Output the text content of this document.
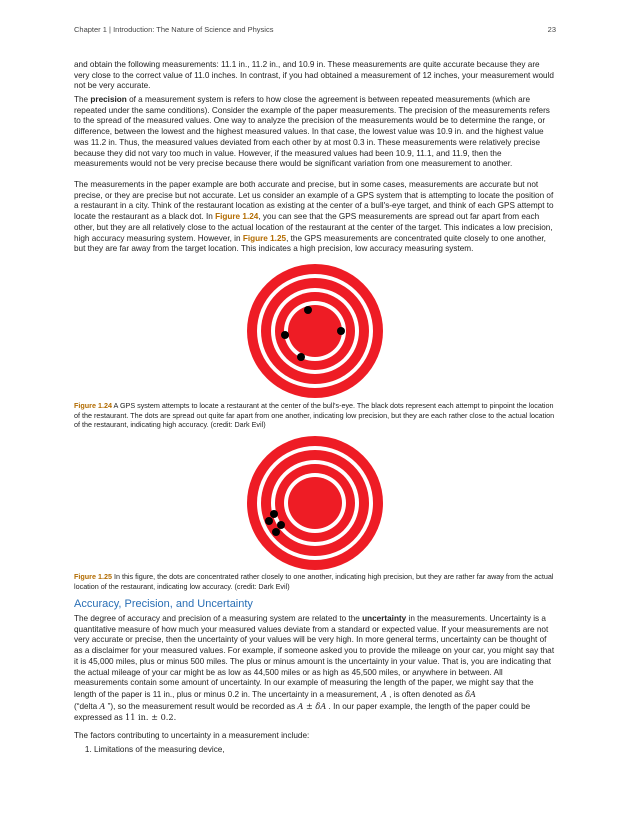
Chapter 1 | Introduction: The Nature of Science and Physics	23

and obtain the following measurements: 11.1 in., 11.2 in., and 10.9 in. These measurements are quite accurate because they are very close to the correct value of 11.0 inches. In contrast, if you had obtained a measurement of 12 inches, your measurement would not be very accurate.

The precision of a measurement system is refers to how close the agreement is between repeated measurements (which are repeated under the same conditions). Consider the example of the paper measurements. The precision of the measurements refers to the spread of the measured values. One way to analyze the precision of the measurements would be to determine the range, or difference, between the lowest and the highest measured values. In that case, the lowest value was 10.9 in. and the highest value was 11.2 in. Thus, the measured values deviated from each other by at most 0.3 in. These measurements were relatively precise because they did not vary too much in value. However, if the measured values had been 10.9, 11.1, and 11.9, then the measurements would not be very precise because there would be significant variation from one measurement to another.

The measurements in the paper example are both accurate and precise, but in some cases, measurements are accurate but not precise, or they are precise but not accurate. Let us consider an example of a GPS system that is attempting to locate the position of a restaurant in a city. Think of the restaurant location as existing at the center of a bull's-eye target, and think of each GPS attempt to locate the restaurant as a black dot. In Figure 1.24, you can see that the GPS measurements are spread out far apart from each other, but they are all relatively close to the actual location of the restaurant at the center of the target. This indicates a low precision, high accuracy measuring system. However, in Figure 1.25, the GPS measurements are concentrated quite closely to one another, but they are far away from the target location. This indicates a high precision, low accuracy measuring system.

Figure 1.24 A GPS system attempts to locate a restaurant at the center of the bull's-eye. The black dots represent each attempt to pinpoint the location of the restaurant. The dots are spread out quite far apart from one another, indicating low precision, but they are each rather close to the actual location of the restaurant, indicating high accuracy. (credit: Dark Evil)

Figure 1.25 In this figure, the dots are concentrated rather closely to one another, indicating high precision, but they are rather far away from the actual location of the restaurant, indicating low accuracy. (credit: Dark Evil)

Accuracy, Precision, and Uncertainty

The degree of accuracy and precision of a measuring system are related to the uncertainty in the measurements. Uncertainty is a quantitative measure of how much your measured values deviate from a standard or expected value. If your measurements are not very accurate or precise, then the uncertainty of your values will be very high. In more general terms, uncertainty can be thought of as a disclaimer for your measured values. For example, if someone asked you to provide the mileage on your car, you might say that it is 45,000 miles, plus or minus 500 miles. The plus or minus amount is the uncertainty in your value. That is, you are indicating that the actual mileage of your car might be as low as 44,500 miles or as high as 45,500 miles, or anywhere in between. All measurements contain some amount of uncertainty. In our example of measuring the length of the paper, we might say that the length of the paper is 11 in., plus or minus 0.2 in. The uncertainty in a measurement, A , is often denoted as δA
(“delta A ”), so the measurement result would be recorded as A ± δA . In our paper example, the length of the paper could be expressed as 11 in. ± 0.2.

The factors contributing to uncertainty in a measurement include:

1. Limitations of the measuring device,
